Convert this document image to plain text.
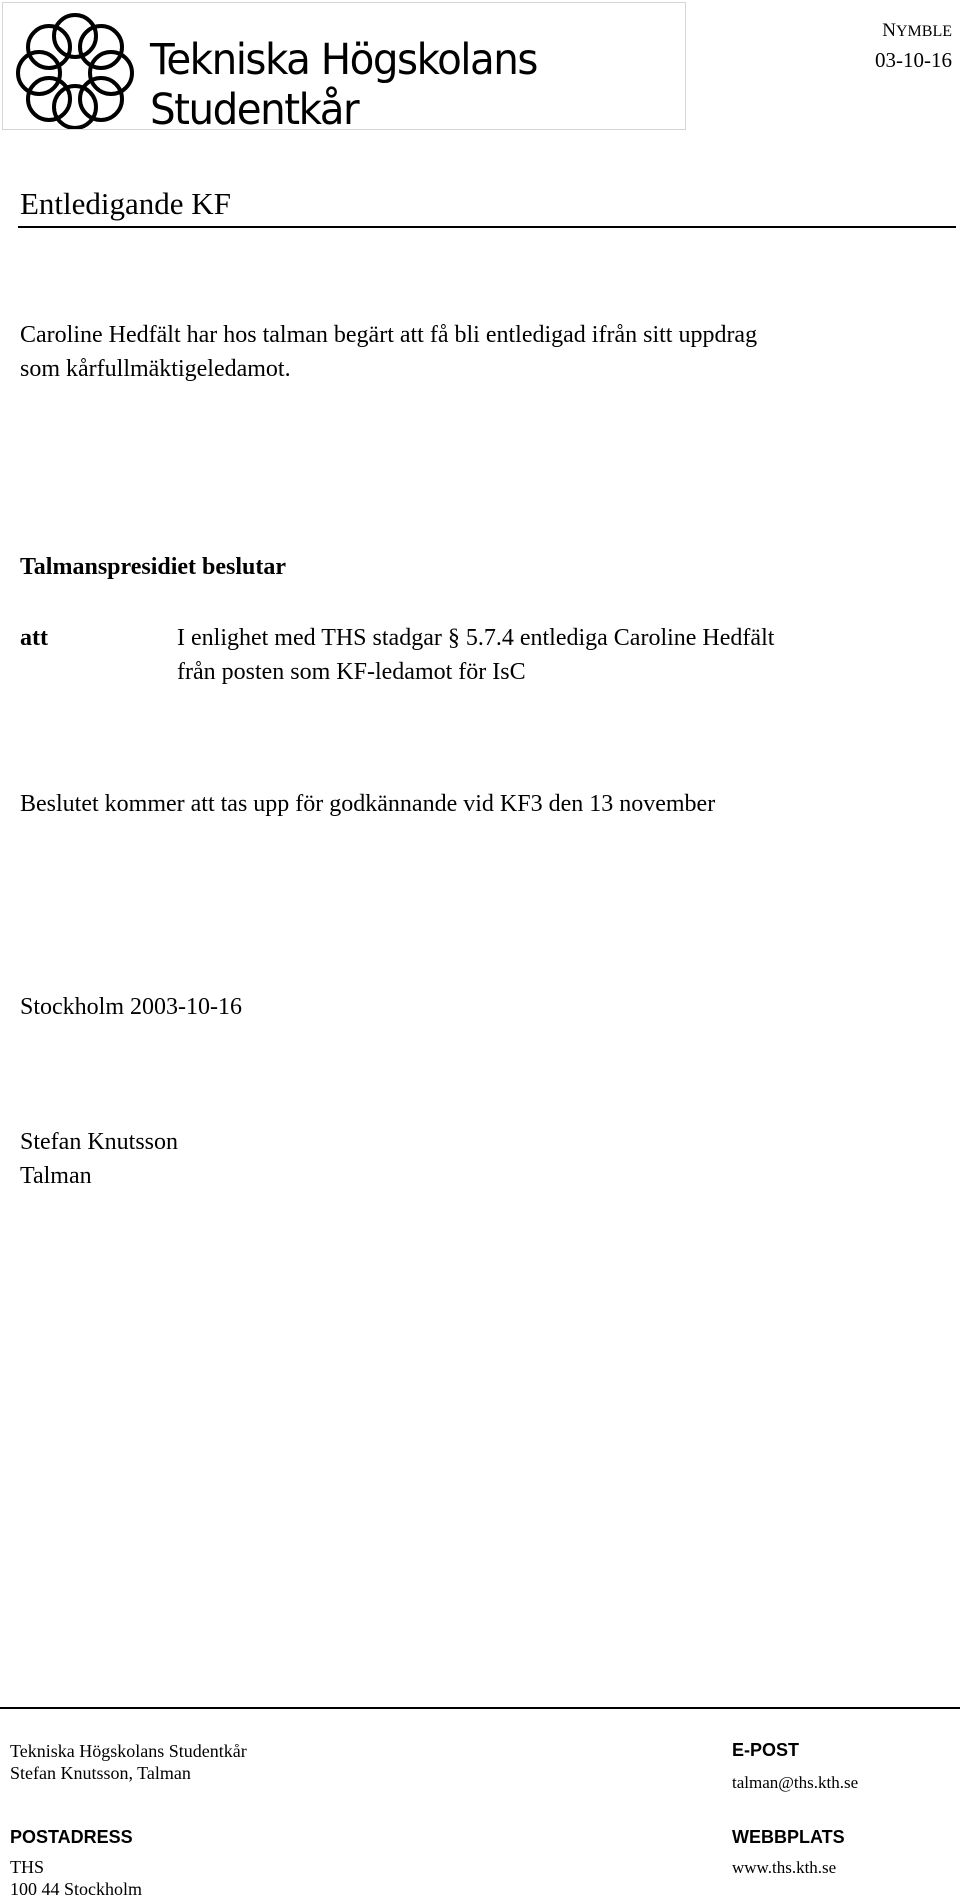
Tekniska Högskolans Studentkår
NYMBLE
03-10-16
Entledigande KF
Caroline Hedfält har hos talman begärt att få bli entledigad ifrån sitt uppdrag
som kårfullmäktigeledamot.
Talmanspresidiet beslutar
att	I enlighet med THS stadgar § 5.7.4 entlediga Caroline Hedfält
från posten som KF-ledamot för IsC
Beslutet kommer att tas upp för godkännande vid KF3 den 13 november
Stockholm 2003-10-16
Stefan Knutsson
Talman
Tekniska Högskolans Studentkår
Stefan Knutsson, Talman
E-POST
talman@ths.kth.se
POSTADRESS
THS
100 44 Stockholm
WEBBPLATS
www.ths.kth.se
